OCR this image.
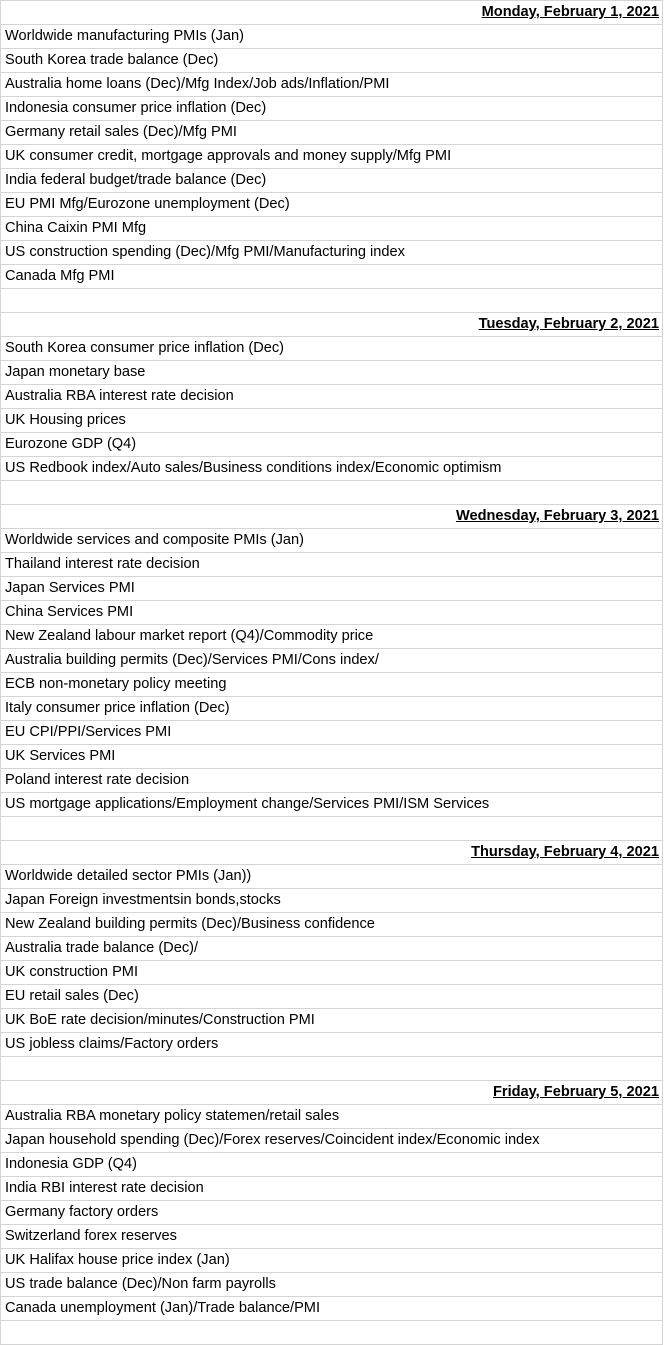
Monday, February 1, 2021
Worldwide manufacturing PMIs (Jan)
South Korea trade balance (Dec)
Australia home loans (Dec)/Mfg Index/Job ads/Inflation/PMI
Indonesia consumer price inflation (Dec)
Germany retail sales (Dec)/Mfg PMI
UK consumer credit, mortgage approvals and money supply/Mfg PMI
India federal budget/trade balance (Dec)
EU PMI Mfg/Eurozone unemployment (Dec)
China Caixin PMI Mfg
US construction spending (Dec)/Mfg PMI/Manufacturing index
Canada Mfg PMI
Tuesday, February 2, 2021
South Korea consumer price inflation (Dec)
Japan monetary base
Australia RBA interest rate decision
UK Housing prices
Eurozone GDP (Q4)
US Redbook index/Auto sales/Business conditions index/Economic optimism
Wednesday, February 3, 2021
Worldwide services and composite PMIs (Jan)
Thailand interest rate decision
Japan Services PMI
China Services PMI
New Zealand labour market report (Q4)/Commodity price
Australia building permits (Dec)/Services PMI/Cons index/
ECB non-monetary policy meeting
Italy consumer price inflation (Dec)
EU CPI/PPI/Services PMI
UK Services PMI
Poland interest rate decision
US mortgage applications/Employment change/Services PMI/ISM Services
Thursday, February 4, 2021
Worldwide detailed sector PMIs (Jan))
Japan Foreign investmentsin bonds,stocks
New Zealand building permits (Dec)/Business confidence
Australia trade balance (Dec)/
UK construction PMI
EU retail sales (Dec)
UK BoE rate decision/minutes/Construction PMI
US jobless claims/Factory orders
Friday, February 5, 2021
Australia RBA monetary policy statemen/retail sales
Japan household spending (Dec)/Forex reserves/Coincident index/Economic index
Indonesia GDP (Q4)
India RBI interest rate decision
Germany factory orders
Switzerland forex reserves
UK Halifax house price index (Jan)
US trade balance (Dec)/Non farm payrolls
Canada unemployment (Jan)/Trade balance/PMI
